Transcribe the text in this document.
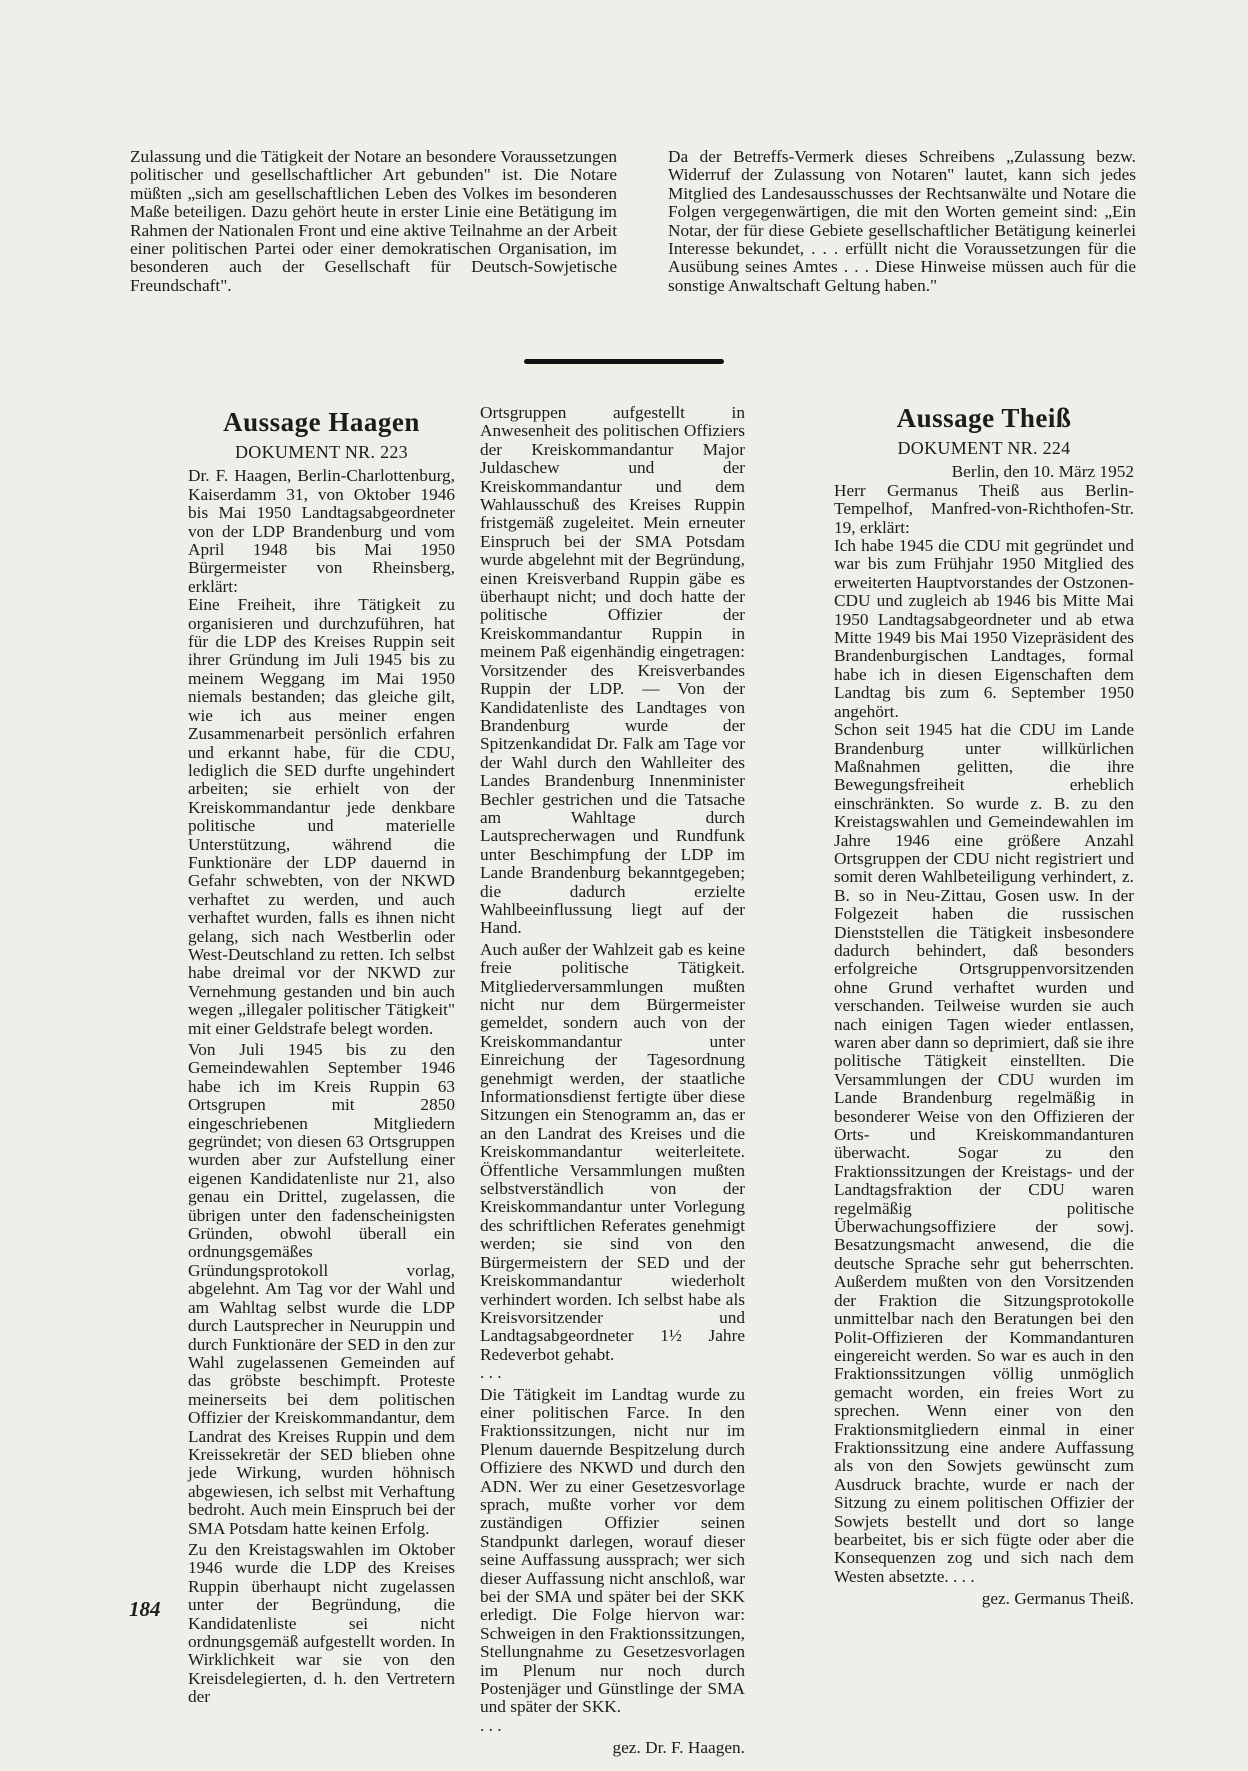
Zulassung und die Tätigkeit der Notare an besondere Voraussetzungen politischer und gesellschaftlicher Art gebunden" ist. Die Notare müßten „sich am gesellschaftlichen Leben des Volkes im besonderen Maße beteiligen. Dazu gehört heute in erster Linie eine Betätigung im Rahmen der Nationalen Front und eine aktive Teilnahme an der Arbeit einer politischen Partei oder einer demokratischen Organisation, im besonderen auch der Gesellschaft für Deutsch-Sowjetische Freundschaft".

Da der Betreffs-Vermerk dieses Schreibens „Zulassung bezw. Widerruf der Zulassung von Notaren" lautet, kann sich jedes Mitglied des Landesausschusses der Rechtsanwälte und Notare die Folgen vergegenwärtigen, die mit den Worten gemeint sind: „Ein Notar, der für diese Gebiete gesellschaftlicher Betätigung keinerlei Interesse bekundet, . . . erfüllt nicht die Voraussetzungen für die Ausübung seines Amtes . . . Diese Hinweise müssen auch für die sonstige Anwaltschaft Geltung haben."

Aussage Haagen
DOKUMENT NR. 223

Dr. F. Haagen, Berlin-Charlottenburg, Kaiserdamm 31, von Oktober 1946 bis Mai 1950 Landtagsabgeordneter von der LDP Brandenburg und vom April 1948 bis Mai 1950 Bürgermeister von Rheinsberg, erklärt:

Eine Freiheit, ihre Tätigkeit zu organisieren und durchzuführen, hat für die LDP des Kreises Ruppin seit ihrer Gründung im Juli 1945 bis zu meinem Weggang im Mai 1950 niemals bestanden; das gleiche gilt, wie ich aus meiner engen Zusammenarbeit persönlich erfahren und erkannt habe, für die CDU, lediglich die SED durfte ungehindert arbeiten; sie erhielt von der Kreiskommandantur jede denkbare politische und materielle Unterstützung, während die Funktionäre der LDP dauernd in Gefahr schwebten, von der NKWD verhaftet zu werden, und auch verhaftet wurden, falls es ihnen nicht gelang, sich nach Westberlin oder West-Deutschland zu retten. Ich selbst habe dreimal vor der NKWD zur Vernehmung gestanden und bin auch wegen „illegaler politischer Tätigkeit" mit einer Geldstrafe belegt worden.

Von Juli 1945 bis zu den Gemeindewahlen September 1946 habe ich im Kreis Ruppin 63 Ortsgrupen mit 2850 eingeschriebenen Mitgliedern gegründet; von diesen 63 Ortsgruppen wurden aber zur Aufstellung einer eigenen Kandidatenliste nur 21, also genau ein Drittel, zugelassen, die übrigen unter den fadenscheinigsten Gründen, obwohl überall ein ordnungsgemäßes Gründungsprotokoll vorlag, abgelehnt. Am Tag vor der Wahl und am Wahltag selbst wurde die LDP durch Lautsprecher in Neuruppin und durch Funktionäre der SED in den zur Wahl zugelassenen Gemeinden auf das gröbste beschimpft. Proteste meinerseits bei dem politischen Offizier der Kreiskommandantur, dem Landrat des Kreises Ruppin und dem Kreissekretär der SED blieben ohne jede Wirkung, wurden höhnisch abgewiesen, ich selbst mit Verhaftung bedroht. Auch mein Einspruch bei der SMA Potsdam hatte keinen Erfolg.

Zu den Kreistagswahlen im Oktober 1946 wurde die LDP des Kreises Ruppin überhaupt nicht zugelassen unter der Begründung, die Kandidatenliste sei nicht ordnungsgemäß aufgestellt worden. In Wirklichkeit war sie von den Kreisdelegierten, d. h. den Vertretern der

Ortsgruppen aufgestellt in Anwesenheit des politischen Offiziers der Kreiskommandantur Major Juldaschew und der Kreiskommandantur und dem Wahlausschuß des Kreises Ruppin fristgemäß zugeleitet. Mein erneuter Einspruch bei der SMA Potsdam wurde abgelehnt mit der Begründung, einen Kreisverband Ruppin gäbe es überhaupt nicht; und doch hatte der politische Offizier der Kreiskommandantur Ruppin in meinem Paß eigenhändig eingetragen: Vorsitzender des Kreisverbandes Ruppin der LDP. — Von der Kandidatenliste des Landtages von Brandenburg wurde der Spitzenkandidat Dr. Falk am Tage vor der Wahl durch den Wahlleiter des Landes Brandenburg Innenminister Bechler gestrichen und die Tatsache am Wahltage durch Lautsprecherwagen und Rundfunk unter Beschimpfung der LDP im Lande Brandenburg bekanntgegeben; die dadurch erzielte Wahlbeeinflussung liegt auf der Hand.

Auch außer der Wahlzeit gab es keine freie politische Tätigkeit. Mitgliederversammlungen mußten nicht nur dem Bürgermeister gemeldet, sondern auch von der Kreiskommandantur unter Einreichung der Tagesordnung genehmigt werden, der staatliche Informationsdienst fertigte über diese Sitzungen ein Stenogramm an, das er an den Landrat des Kreises und die Kreiskommandantur weiterleitete. Öffentliche Versammlungen mußten selbstverständlich von der Kreiskommandantur unter Vorlegung des schriftlichen Referates genehmigt werden; sie sind von den Bürgermeistern der SED und der Kreiskommandantur wiederholt verhindert worden. Ich selbst habe als Kreisvorsitzender und Landtagsabgeordneter 1½ Jahre Redeverbot gehabt.

. . .

Die Tätigkeit im Landtag wurde zu einer politischen Farce. In den Fraktionssitzungen, nicht nur im Plenum dauernde Bespitzelung durch Offiziere des NKWD und durch den ADN. Wer zu einer Gesetzesvorlage sprach, mußte vorher vor dem zuständigen Offizier seinen Standpunkt darlegen, worauf dieser seine Auffassung aussprach; wer sich dieser Auffassung nicht anschloß, war bei der SMA und später bei der SKK erledigt. Die Folge hiervon war: Schweigen in den Fraktionssitzungen, Stellungnahme zu Gesetzesvorlagen im Plenum nur noch durch Postenjäger und Günstlinge der SMA und später der SKK.

. . .

gez. Dr. F. Haagen.

Aussage Theiß
DOKUMENT NR. 224

Berlin, den 10. März 1952

Herr Germanus Theiß aus Berlin-Tempelhof, Manfred-von-Richthofen-Str. 19, erklärt:

Ich habe 1945 die CDU mit gegründet und war bis zum Frühjahr 1950 Mitglied des erweiterten Hauptvorstandes der Ostzonen-CDU und zugleich ab 1946 bis Mitte Mai 1950 Landtagsabgeordneter und ab etwa Mitte 1949 bis Mai 1950 Vizepräsident des Brandenburgischen Landtages, formal habe ich in diesen Eigenschaften dem Landtag bis zum 6. September 1950 angehört.

Schon seit 1945 hat die CDU im Lande Brandenburg unter willkürlichen Maßnahmen gelitten, die ihre Bewegungsfreiheit erheblich einschränkten. So wurde z. B. zu den Kreistagswahlen und Gemeindewahlen im Jahre 1946 eine größere Anzahl Ortsgruppen der CDU nicht registriert und somit deren Wahlbeteiligung verhindert, z. B. so in Neu-Zittau, Gosen usw. In der Folgezeit haben die russischen Dienststellen die Tätigkeit insbesondere dadurch behindert, daß besonders erfolgreiche Ortsgruppenvorsitzenden ohne Grund verhaftet wurden und verschanden. Teilweise wurden sie auch nach einigen Tagen wieder entlassen, waren aber dann so deprimiert, daß sie ihre politische Tätigkeit einstellten. Die Versammlungen der CDU wurden im Lande Brandenburg regelmäßig in besonderer Weise von den Offizieren der Orts- und Kreiskommandanturen überwacht. Sogar zu den Fraktionssitzungen der Kreistags- und der Landtagsfraktion der CDU waren regelmäßig politische Überwachungsoffiziere der sowj. Besatzungsmacht anwesend, die die deutsche Sprache sehr gut beherrschten. Außerdem mußten von den Vorsitzenden der Fraktion die Sitzungsprotokolle unmittelbar nach den Beratungen bei den Polit-Offizieren der Kommandanturen eingereicht werden. So war es auch in den Fraktionssitzungen völlig unmöglich gemacht worden, ein freies Wort zu sprechen. Wenn einer von den Fraktionsmitgliedern einmal in einer Fraktionssitzung eine andere Auffassung als von den Sowjets gewünscht zum Ausdruck brachte, wurde er nach der Sitzung zu einem politischen Offizier der Sowjets bestellt und dort so lange bearbeitet, bis er sich fügte oder aber die Konsequenzen zog und sich nach dem Westen absetzte. . . .

gez. Germanus Theiß.

184
